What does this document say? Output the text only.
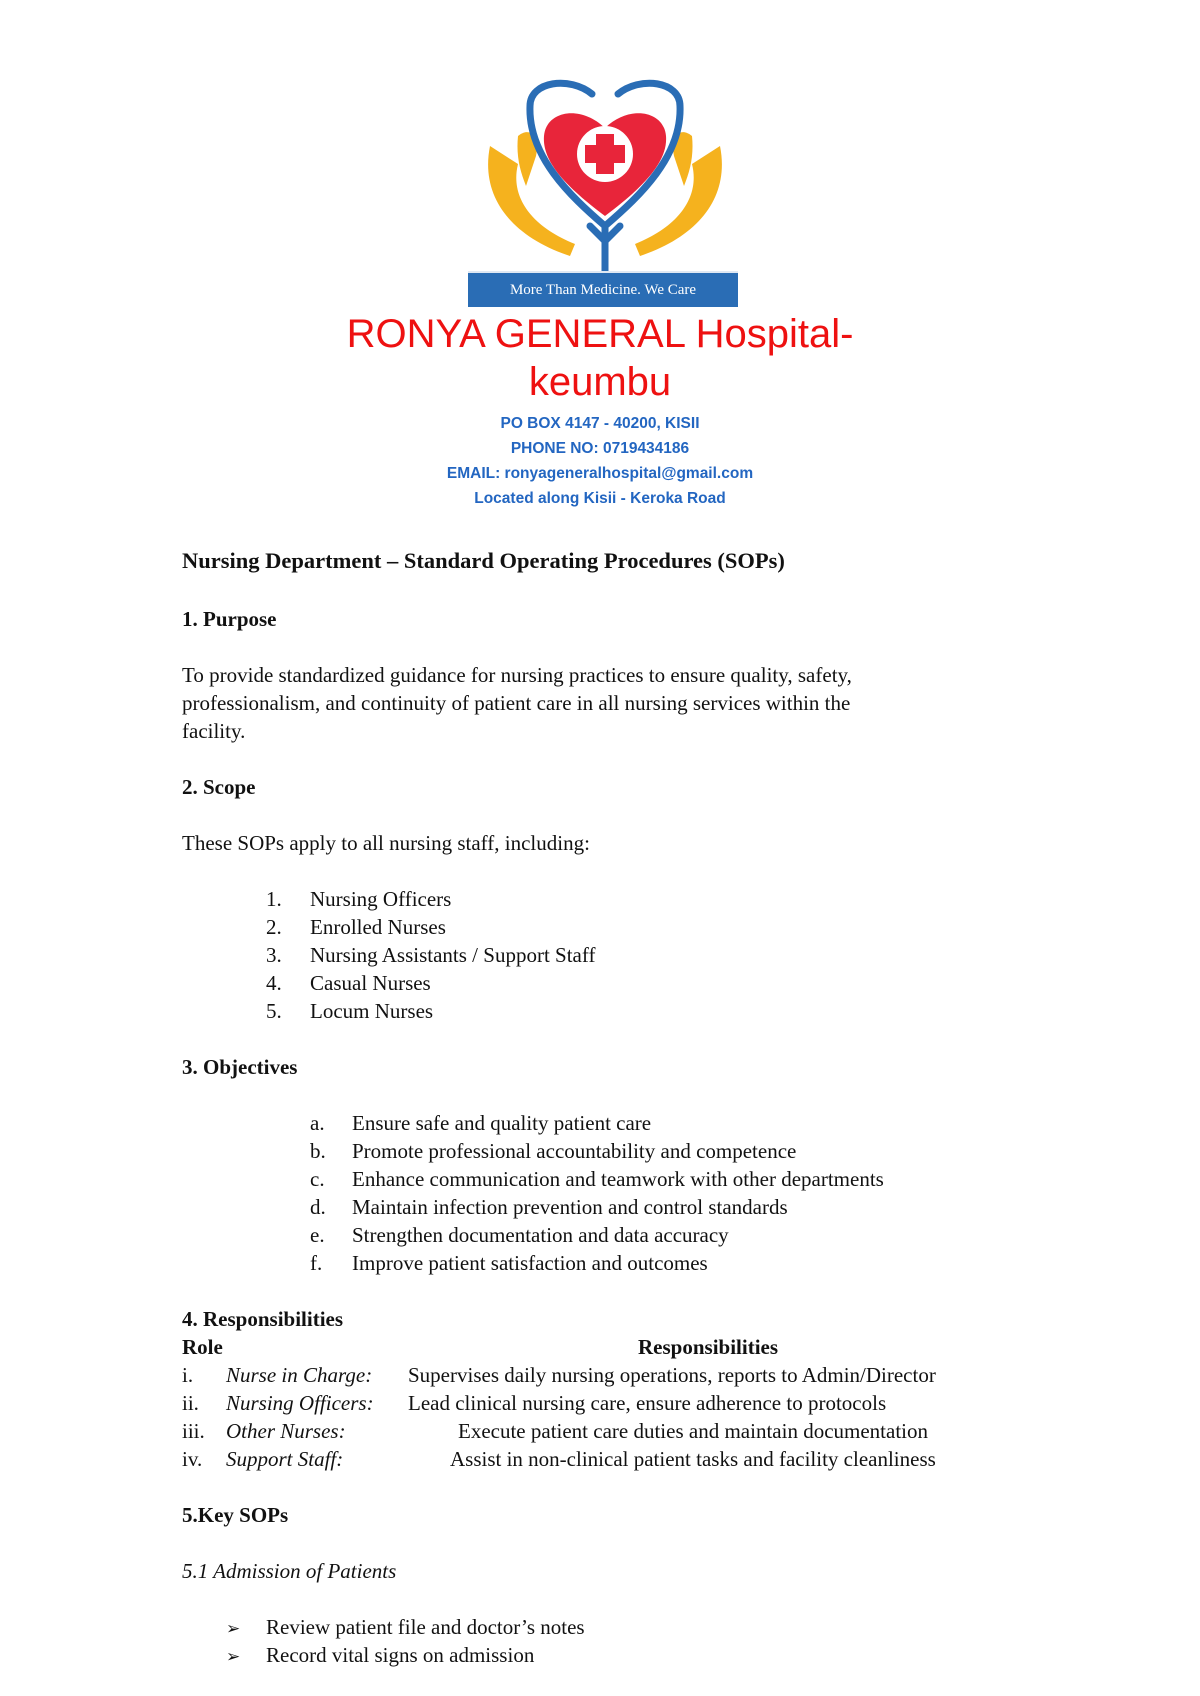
More Than Medicine. We Care
RONYA GENERAL Hospital-
keumbu
PO BOX 4147 - 40200, KISII
PHONE NO: 0719434186
EMAIL: ronyageneralhospital@gmail.com
Located along Kisii - Keroka Road
Nursing Department – Standard Operating Procedures (SOPs)
1. Purpose
To provide standardized guidance for nursing practices to ensure quality, safety,
professionalism, and continuity of patient care in all nursing services within the
facility.
2. Scope
These SOPs apply to all nursing staff, including:
1. Nursing Officers
2. Enrolled Nurses
3. Nursing Assistants / Support Staff
4. Casual Nurses
5. Locum Nurses
3. Objectives
a. Ensure safe and quality patient care
b. Promote professional accountability and competence
c. Enhance communication and teamwork with other departments
d. Maintain infection prevention and control standards
e. Strengthen documentation and data accuracy
f. Improve patient satisfaction and outcomes
4. Responsibilities
Role	Responsibilities
i. Nurse in Charge: Supervises daily nursing operations, reports to Admin/Director
ii. Nursing Officers: Lead clinical nursing care, ensure adherence to protocols
iii. Other Nurses:	Execute patient care duties and maintain documentation
iv. Support Staff:	Assist in non-clinical patient tasks and facility cleanliness
5.Key SOPs
5.1 Admission of Patients
➢ Review patient file and doctor’s notes
➢ Record vital signs on admission
